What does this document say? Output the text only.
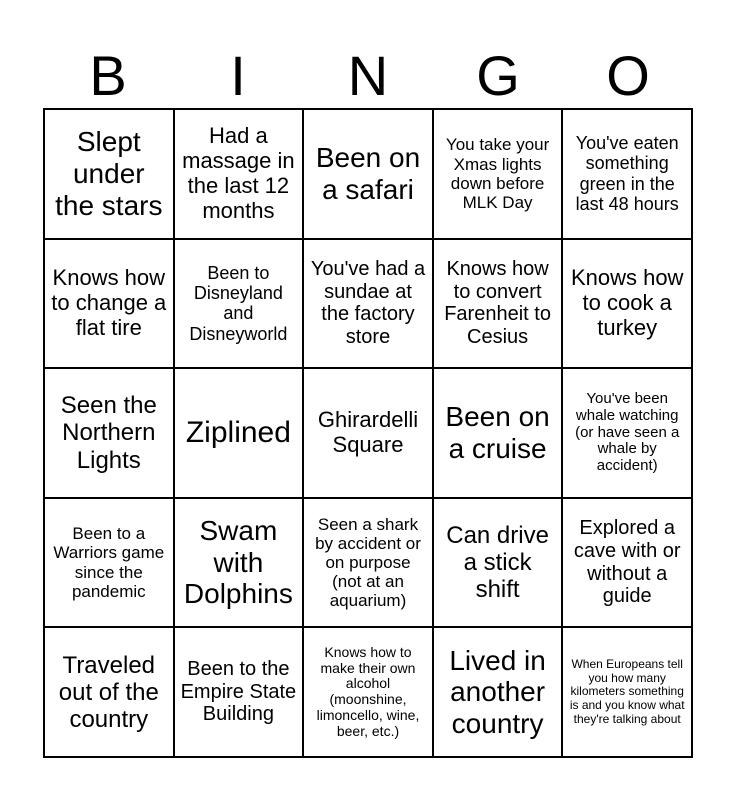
B	I	N	G	O
Slept under the stars
Had a massage in the last 12 months
Been on a safari
You take your Xmas lights down before MLK Day
You've eaten something green in the last 48 hours
Knows how to change a flat tire
Been to Disneyland and Disneyworld
You've had a sundae at the factory store
Knows how to convert Farenheit to Cesius
Knows how to cook a turkey
Seen the Northern Lights
Ziplined	Ghirardelli Square
Been on a cruise
You've been whale watching (or have seen a whale by accident)
Been to a Warriors game since the pandemic
Swam with Dolphins
Seen a shark by accident or on purpose (not at an aquarium)
Can drive a stick shift
Explored a cave with or without a guide
Traveled out of the country
Been to the Empire State Building
Knows how to make their own alcohol (moonshine, limoncello, wine, beer, etc.)
Lived in another country
When Europeans tell you how many kilometers something is and you know what they're talking about
